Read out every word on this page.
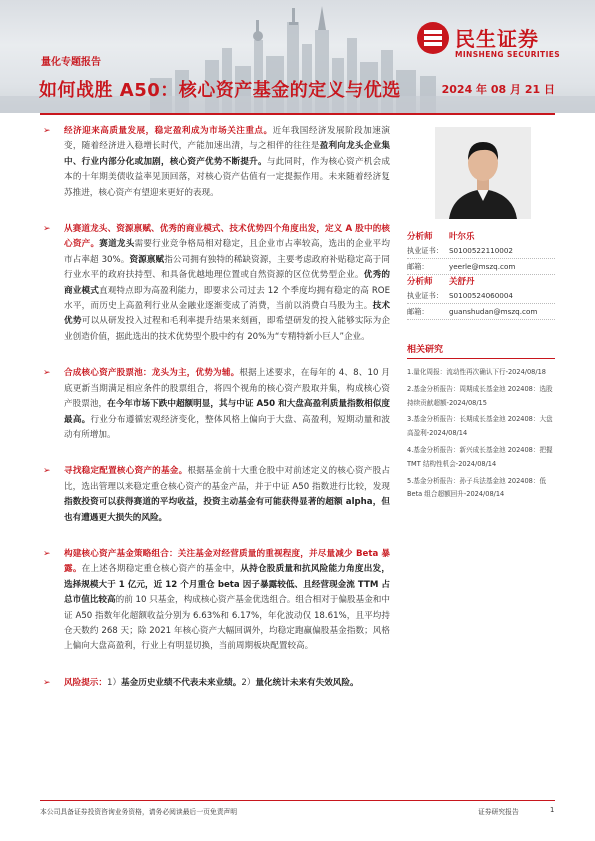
量化专题报告
如何战胜 A50：核心资产基金的定义与优选	2024 年 08 月 21 日
民生证券
MINSHENG SECURITIES
➢ 经济迎来高质量发展，稳定盈利成为市场关注重点。近年我国经济发展阶段加速演变，随着经济进入稳增长时代，产能加速出清，与之相伴的往往是盈利向龙头企业集中、行业内部分化或加剧，核心资产优势不断提升。与此同时，作为核心资产机会成本的十年期美债收益率见顶回落，对核心资产估值有一定提振作用。未来随着经济复苏推进，核心资产有望迎来更好的表现。
➢ 从赛道龙头、资源禀赋、优秀的商业模式、技术优势四个角度出发，定义 A 股中的核心资产。赛道龙头需要行业竞争格局相对稳定，且企业市占率较高，选出的企业平均市占率超 30%。资源禀赋指公司拥有独特的稀缺资源，主要考虑政府补贴稳定高于同行业水平的政府扶持型、和具备优越地理位置或自然资源的区位优势型企业。优秀的商业模式直观特点即为高盈利能力，即要求公司过去 12 个季度均拥有稳定的高 ROE 水平，而历史上高盈利行业从金融业逐渐变成了消费，当前以消费白马股为主。技术优势可以从研发投入过程和毛利率提升结果来刻画，即希望研发的投入能够实际为企业创造价值，据此选出的技术优势型个股中约有 20%为“专精特新小巨人”企业。
➢ 合成核心资产股票池：龙头为主，优势为辅。根据上述要求，在每年的 4、8、10 月底更新当期满足相应条件的股票组合，将四个视角的核心资产股取并集，构成核心资产股票池，在今年市场下跌中超额明显，其与中证 A50 和大盘高盈利质量指数相似度最高。行业分布遵循宏观经济变化，整体风格上偏向于大盘、高盈利，短期动量和波动有所增加。
➢ 寻找稳定配置核心资产的基金。根据基金前十大重仓股中对前述定义的核心资产股占比，选出管理以来稳定重仓核心资产的基金产品，并于中证 A50 指数进行比较，发现指数投资可以获得赛道的平均收益，投资主动基金有可能获得显著的超额 alpha，但也有遭遇更大损失的风险。
➢ 构建核心资产基金策略组合：关注基金对经营质量的重视程度，并尽量减少 Beta 暴露。在上述各期稳定重仓核心资产的基金中，从持仓股质量和抗风险能力角度出发，选择规模大于 1 亿元，近 12 个月重仓 beta 因子暴露较低、且经营现金流 TTM 占总市值比较高的前 10 只基金，构成核心资产基金优选组合。组合相对于偏股基金和中证 A50 指数年化超额收益分别为 6.63%和 6.17%，年化波动仅 18.61%，且平均持仓天数约 268 天；除 2021 年核心资产大幅回调外，均稳定跑赢偏股基金指数；风格上偏向大盘高盈利，行业上有明显切换，当前周期板块配置较高。
➢ 风险提示：1）基金历史业绩不代表未来业绩。2）量化统计未来有失效风险。
分析师	叶尔乐
执业证书： S0100522110002
邮箱：	yeerle@mszq.com
分析师	关舒丹
执业证书： S0100524060004
邮箱：	guanshudan@mszq.com
相关研究
1.量化周报：流动性再次确认下行-2024/08/18
2.基金分析报告：周期成长基金池 202408：选股持续贡献超额-2024/08/15
3.基金分析报告：长期成长基金池 202408：大盘高盈利-2024/08/14
4.基金分析报告：新兴成长基金池 202408：把握 TMT 结构性机会-2024/08/14
5.基金分析报告：孙子兵法基金池 202408：低 Beta 组合超额回升-2024/08/14
本公司具备证券投资咨询业务资格，请务必阅读最后一页免责声明	证券研究报告	1
